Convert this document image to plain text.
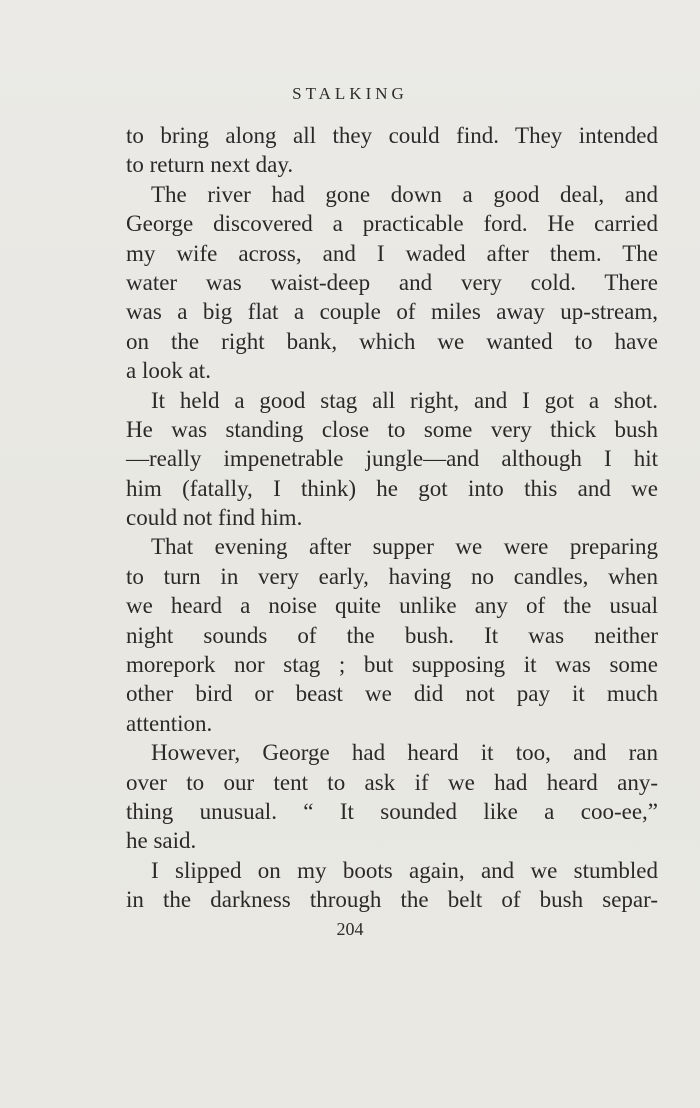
STALKING
to bring along all they could find. They intended
to return next day.
The river had gone down a good deal, and
George discovered a practicable ford. He carried
my wife across, and I waded after them. The
water was waist-deep and very cold. There
was a big flat a couple of miles away up-stream,
on the right bank, which we wanted to have
a look at.
It held a good stag all right, and I got a shot.
He was standing close to some very thick bush
—really impenetrable jungle—and although I hit
him (fatally, I think) he got into this and we
could not find him.
That evening after supper we were preparing
to turn in very early, having no candles, when
we heard a noise quite unlike any of the usual
night sounds of the bush. It was neither
morepork nor stag ; but supposing it was some
other bird or beast we did not pay it much
attention.
However, George had heard it too, and ran
over to our tent to ask if we had heard any-
thing unusual. “ It sounded like a coo-ee,”
he said.
I slipped on my boots again, and we stumbled
in the darkness through the belt of bush separ-
204
